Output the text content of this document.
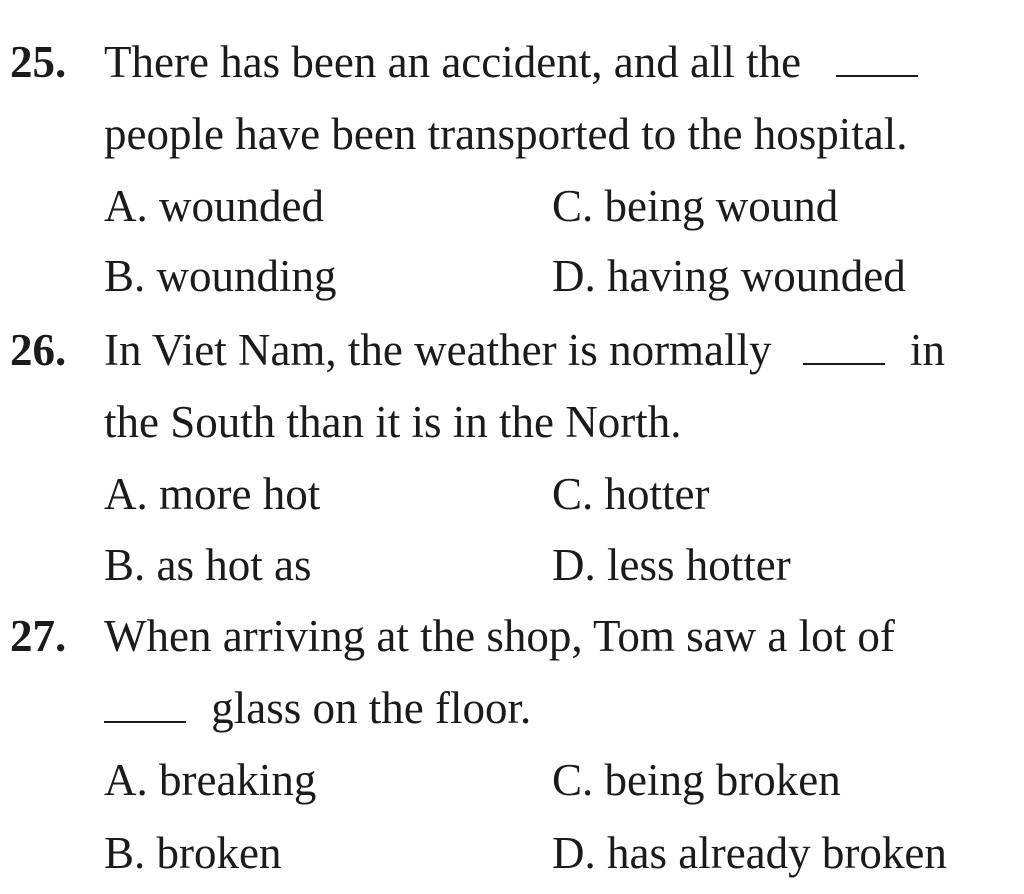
25. There has been an accident, and all the
people have been transported to the hospital.
A. wounded	C. being wound
B. wounding	D. having wounded
26. In Viet Nam, the weather is normally	in
the South than it is in the North.
A. more hot	C. hotter
B. as hot as	D. less hotter
27. When arriving at the shop, Tom saw a lot of
glass on the floor.
A. breaking	C. being broken
B. broken	D. has already broken
